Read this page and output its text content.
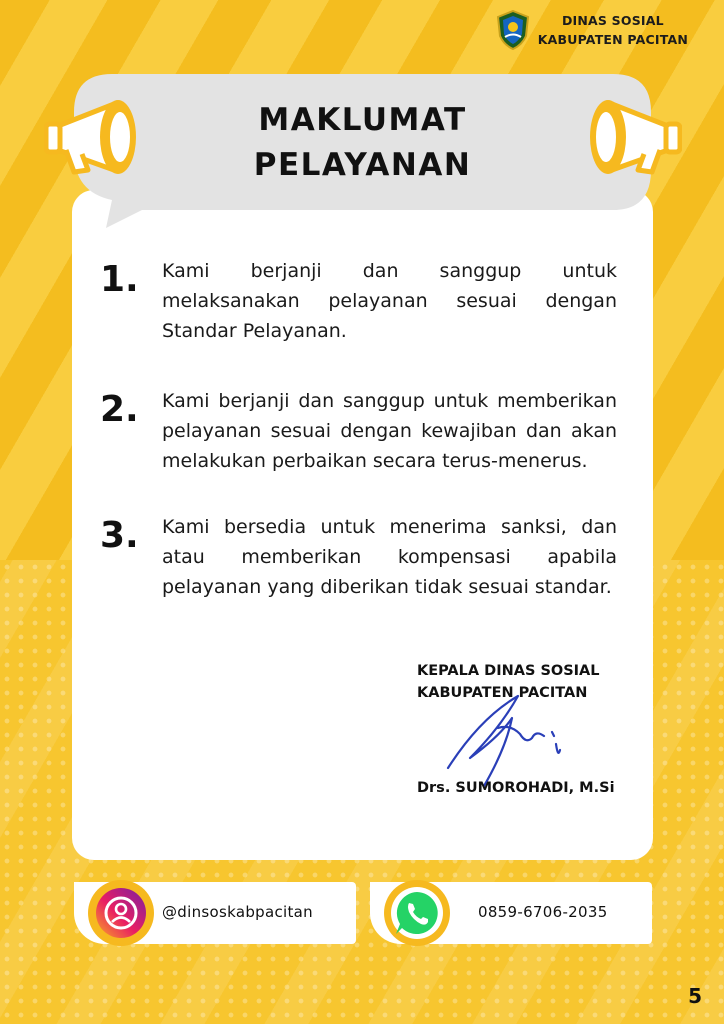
DINAS SOSIAL
KABUPATEN PACITAN
MAKLUMAT
PELAYANAN
1.	Kami berjanji dan sanggup untuk melaksanakan pelayanan sesuai dengan Standar Pelayanan.
2.	Kami berjanji dan sanggup untuk memberikan pelayanan sesuai dengan kewajiban dan akan melakukan perbaikan secara terus-menerus.
3.	Kami bersedia untuk menerima sanksi, dan atau memberikan kompensasi apabila pelayanan yang diberikan tidak sesuai standar.
KEPALA DINAS SOSIAL
KABUPATEN PACITAN
Drs. SUMOROHADI, M.Si
@dinsoskabpacitan	0859-6706-2035
5
